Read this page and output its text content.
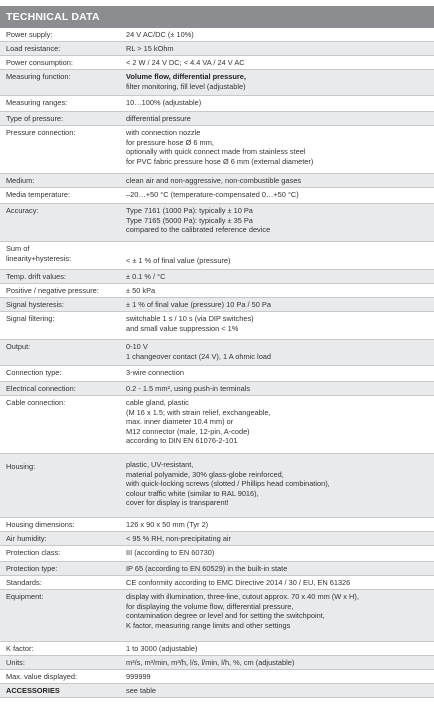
TECHNICAL DATA
Power supply:	24 V AC/DC (± 10%)
Load resistance:	RL > 15 kOhm
Power consumption:	< 2 W / 24 V DC; < 4.4 VA / 24 V AC
Measuring function:	Volume flow, differential pressure,
filter monitoring, fill level (adjustable)
Measuring ranges:	10…100% (adjustable)
Type of pressure:	differential pressure
Pressure connection:	with connection nozzle
for pressure hose Ø 6 mm,
optionally with quick connect made from stainless steel
for PVC fabric pressure hose Ø 6 mm (external diameter)
Medium:	clean air and non-aggressive, non-combustible gases
Media temperature:	–20…+50 °C (temperature-compensated 0…+50 °C)
Accuracy:	Type 7161 (1000 Pa): typically ± 10 Pa
Type 7165 (5000 Pa): typically ± 35 Pa
compared to the calibrated reference device
Sum of
linearity+hysteresis:	< ± 1 % of final value (pressure)
Temp. drift values:	± 0.1 % / °C
Positive / negative pressure:	± 50 kPa
Signal hysteresis:	± 1 % of final value (pressure) 10 Pa / 50 Pa
Signal filtering:	switchable 1 s / 10 s (via DIP switches)
and small value suppression < 1%
Output:	0-10 V
1 changeover contact (24 V), 1 A ohmic load
Connection type:	3-wire connection
Electrical connection:	0.2 - 1.5 mm², using push-in terminals
Cable connection:	cable gland, plastic
(M 16 x 1.5; with strain relief, exchangeable,
max. inner diameter 10.4 mm) or
M12 connector (male, 12-pin, A-code)
according to DIN EN 61076-2-101
Housing:	plastic, UV-resistant,
material polyamide, 30% glass-globe reinforced,
with quick-locking screws (slotted / Phillips head combination),
colour traffic white (similar to RAL 9016),
cover for display is transparent!
Housing dimensions:	126 x 90 x 50 mm (Tyr 2)
Air humidity:	< 95 % RH, non-precipitating air
Protection class:	III (according to EN 60730)
Protection type:	IP 65 (according to EN 60529) in the built-in state
Standards:	CE conformity according to EMC Directive 2014 / 30 / EU, EN 61326
Equipment:	display with illumination, three-line, cutout approx. 70 x 40 mm (W x H),
for displaying the volume flow, differential pressure,
contamination degree or level and for setting the switchpoint,
K factor, measuring range limits and other settings
K factor:	1 to 3000 (adjustable)
Units:	m³/s, m³/min, m³/h, l/s, l/min, l/h, %, cm (adjustable)
Max. value displayed:	999999
ACCESSORIES	see table
